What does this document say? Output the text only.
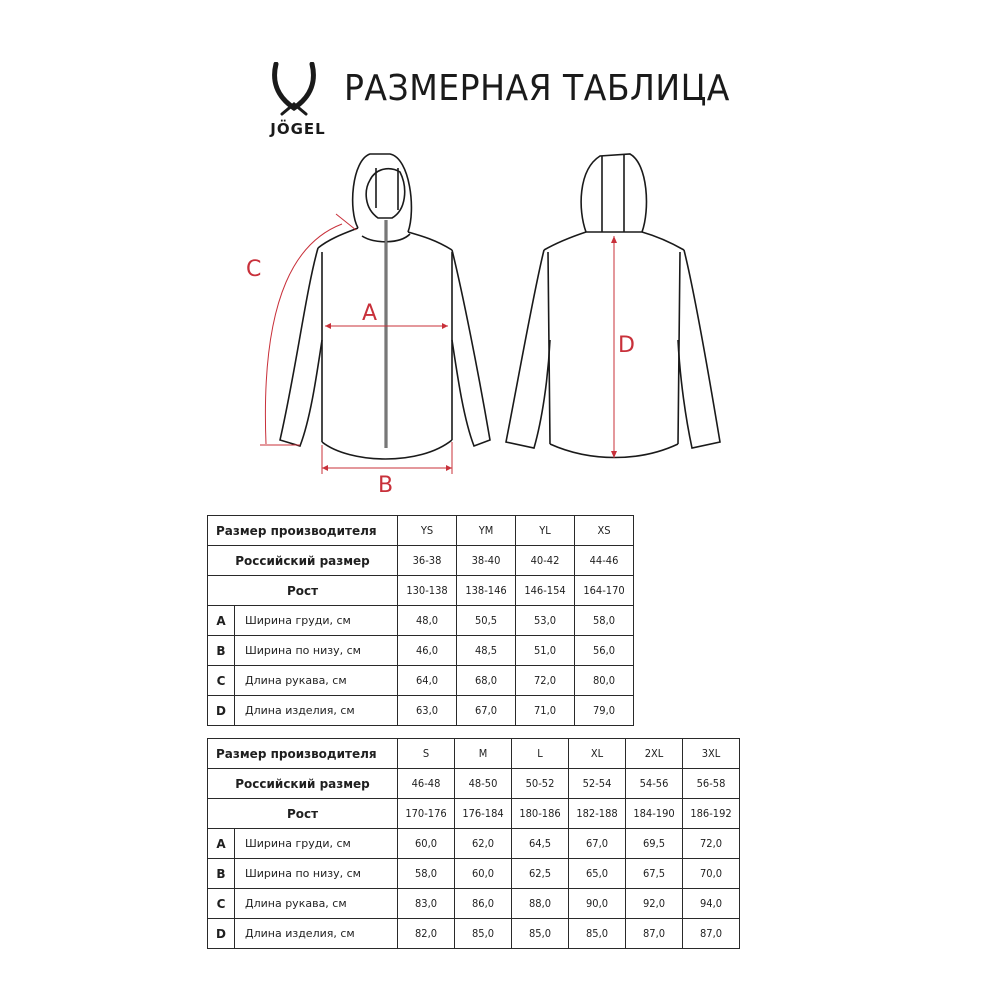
JÖGEL
РАЗМЕРНАЯ ТАБЛИЦА
A
B
C
D
Размер производителя		YS	YM	YL	XS
Российский размер		36-38	38-40	40-42	44-46
Рост		130-138	138-146	146-154	164-170
A	Ширина груди, см	48,0	50,5	53,0	58,0
B	Ширина по низу, см	46,0	48,5	51,0	56,0
C	Длина рукава, см	64,0	68,0	72,0	80,0
D	Длина изделия, см	63,0	67,0	71,0	79,0
Размер производителя		S	M	L	XL	2XL	3XL
Российский размер		46-48	48-50	50-52	52-54	54-56	56-58
Рост		170-176	176-184	180-186	182-188	184-190	186-192
A	Ширина груди, см	60,0	62,0	64,5	67,0	69,5	72,0
B	Ширина по низу, см	58,0	60,0	62,5	65,0	67,5	70,0
C	Длина рукава, см	83,0	86,0	88,0	90,0	92,0	94,0
D	Длина изделия, см	82,0	85,0	85,0	85,0	87,0	87,0
